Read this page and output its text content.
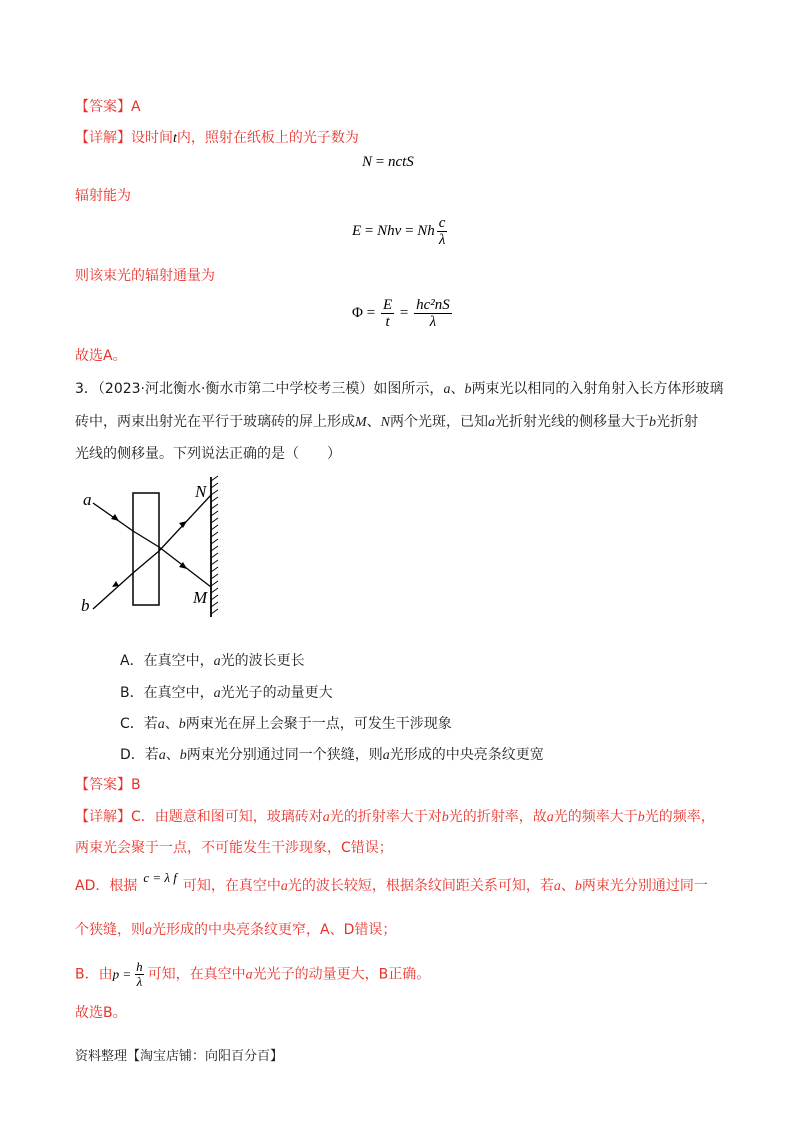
【答案】A
【详解】设时间t内，照射在纸板上的光子数为
N = nctS
辐射能为
E = Nhν = Nh $\frac{c}{\lambda}$
则该束光的辐射通量为
$\Phi = \frac{E}{t} = \frac{\text{hc²nS}}{\lambda}$
故选A。
3．（2023·河北衡水·衡水市第二中学校考三模）如图所示，a、b两束光以相同的入射角射入长方体形玻璃
砖中，两束出射光在平行于玻璃砖的屏上形成M、N两个光斑，已知a光折射光线的侧移量大于b光折射
光线的侧移量。下列说法正确的是（　　）
a
b
N
M
A．在真空中，a光的波长更长
B．在真空中，a光光子的动量更大
C．若a、b两束光在屏上会聚于一点，可发生干涉现象
D．若a、b两束光分别通过同一个狭缝，则a光形成的中央亮条纹更宽
【答案】B
【详解】C．由题意和图可知，玻璃砖对a光的折射率大于对b光的折射率，故a光的频率大于b光的频率，
两束光会聚于一点，不可能发生干涉现象，C错误；
AD．根据c = λ f可知，在真空中a光的波长较短，根据条纹间距关系可知，若a、b两束光分别通过同一
个狭缝，则a光形成的中央亮条纹更窄，A、D错误；
B．由$p = \frac{h}{\lambda}$ 可知，在真空中a光光子的动量更大，B正确。
故选B。
资料整理【淘宝店铺：向阳百分百】
